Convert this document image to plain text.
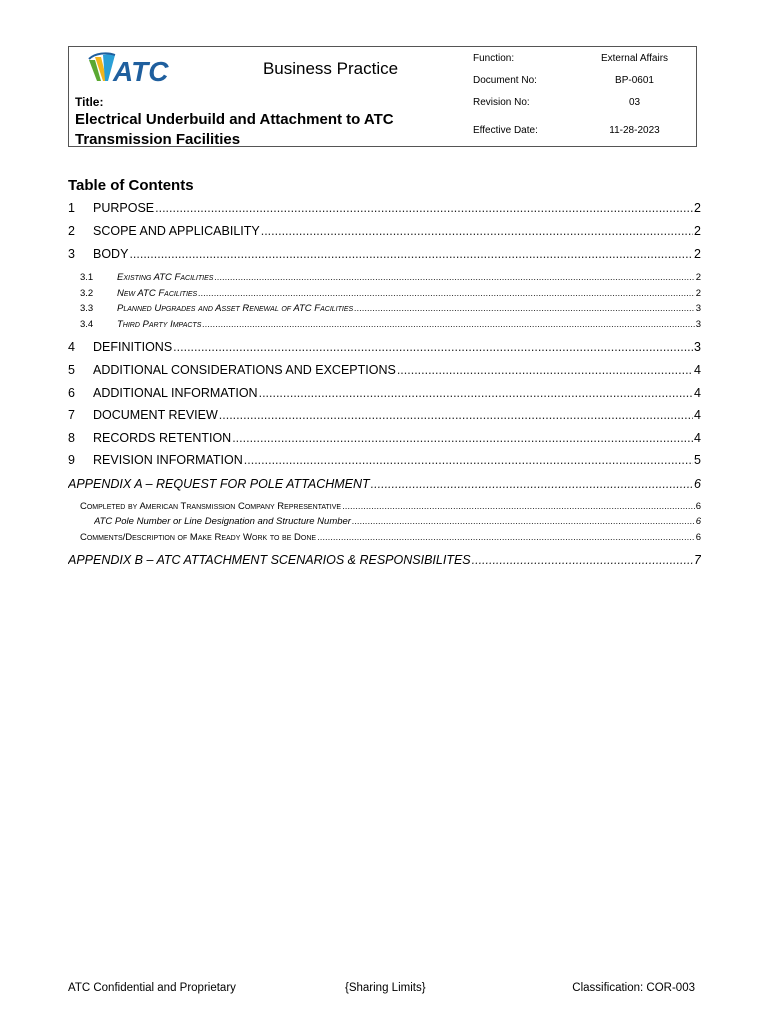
ATC	Business Practice
Title:
Electrical Underbuild and Attachment to ATC
Transmission Facilities
Function:	External Affairs
Document No:	BP-0601
Revision No:	03
Effective Date:	11-28-2023
Table of Contents
1	PURPOSE .....	2
2	SCOPE AND APPLICABILITY .....	2
3	BODY .....	2
3.1	Existing ATC Facilities .....	2
3.2	New ATC Facilities .....	2
3.3	Planned Upgrades and Asset Renewal of ATC Facilities .....	3
3.4	Third Party Impacts .....	3
4	DEFINITIONS .....	3
5	ADDITIONAL CONSIDERATIONS AND EXCEPTIONS .....	4
6	ADDITIONAL INFORMATION .....	4
7	DOCUMENT REVIEW .....	4
8	RECORDS RETENTION .....	4
9	REVISION INFORMATION .....	5
APPENDIX A – REQUEST FOR POLE ATTACHMENT .....	6
Completed by American Transmission Company Representative .....	6
ATC Pole Number or Line Designation and Structure Number .....	6
Comments/Description of Make Ready Work to be Done .....	6
APPENDIX B – ATC ATTACHMENT SCENARIOS & RESPONSIBILITES .....	7
ATC Confidential and Proprietary	{Sharing Limits}	Classification: COR-003
